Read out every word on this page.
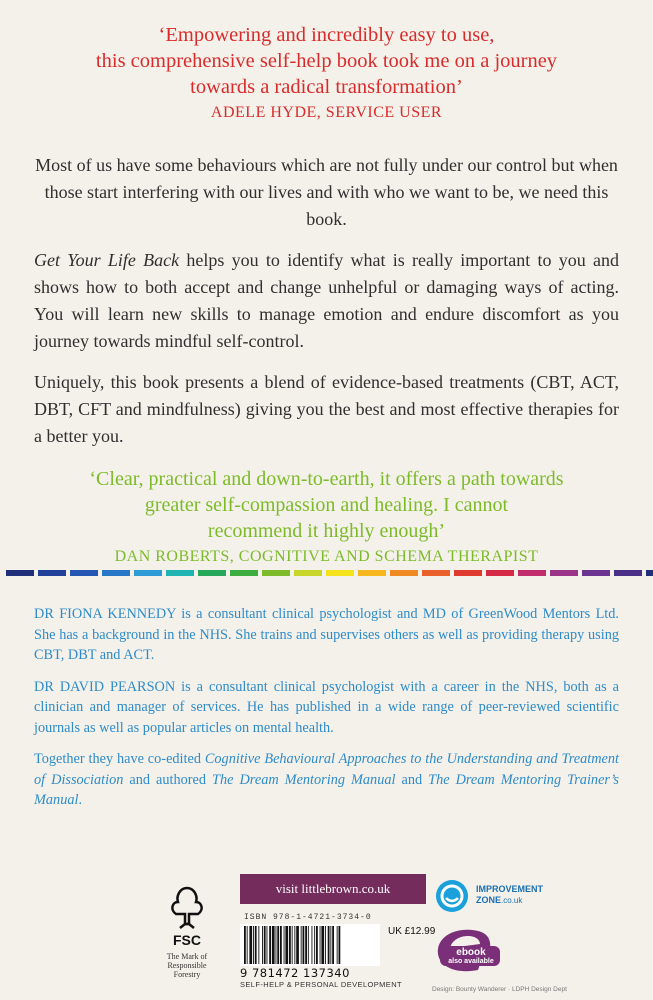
‘Empowering and incredibly easy to use,
this comprehensive self-help book took me on a journey
towards a radical transformation’
ADELE HYDE, SERVICE USER

Most of us have some behaviours which are not fully under our control but when those start interfering with our lives and with who we want to be, we need this book.

Get Your Life Back helps you to identify what is really important to you and shows how to both accept and change unhelpful or damaging ways of acting. You will learn new skills to manage emotion and endure discomfort as you journey towards mindful self-control.

Uniquely, this book presents a blend of evidence-based treatments (CBT, ACT, DBT, CFT and mindfulness) giving you the best and most effective therapies for a better you.

‘Clear, practical and down-to-earth, it offers a path towards
greater self-compassion and healing. I cannot
recommend it highly enough’
DAN ROBERTS, COGNITIVE AND SCHEMA THERAPIST

DR FIONA KENNEDY is a consultant clinical psychologist and MD of GreenWood Mentors Ltd. She has a background in the NHS. She trains and supervises others as well as providing therapy using CBT, DBT and ACT.

DR DAVID PEARSON is a consultant clinical psychologist with a career in the NHS, both as a clinician and manager of services. He has published in a wide range of peer-reviewed scientific journals as well as popular articles on mental health.

Together they have co-edited Cognitive Behavioural Approaches to the Understanding and Treatment of Dissociation and authored The Dream Mentoring Manual and The Dream Mentoring Trainer’s Manual.

FSC
The Mark of
Responsible
Forestry
visit littlebrown.co.uk
ISBN 978-1-4721-3734-0
9 781472 137340
UK £12.99
SELF-HELP & PERSONAL DEVELOPMENT
IMPROVEMENT
ZONE.co.uk
ebook
also available
Design: Bounty Wanderer · LDPH Design Dept
